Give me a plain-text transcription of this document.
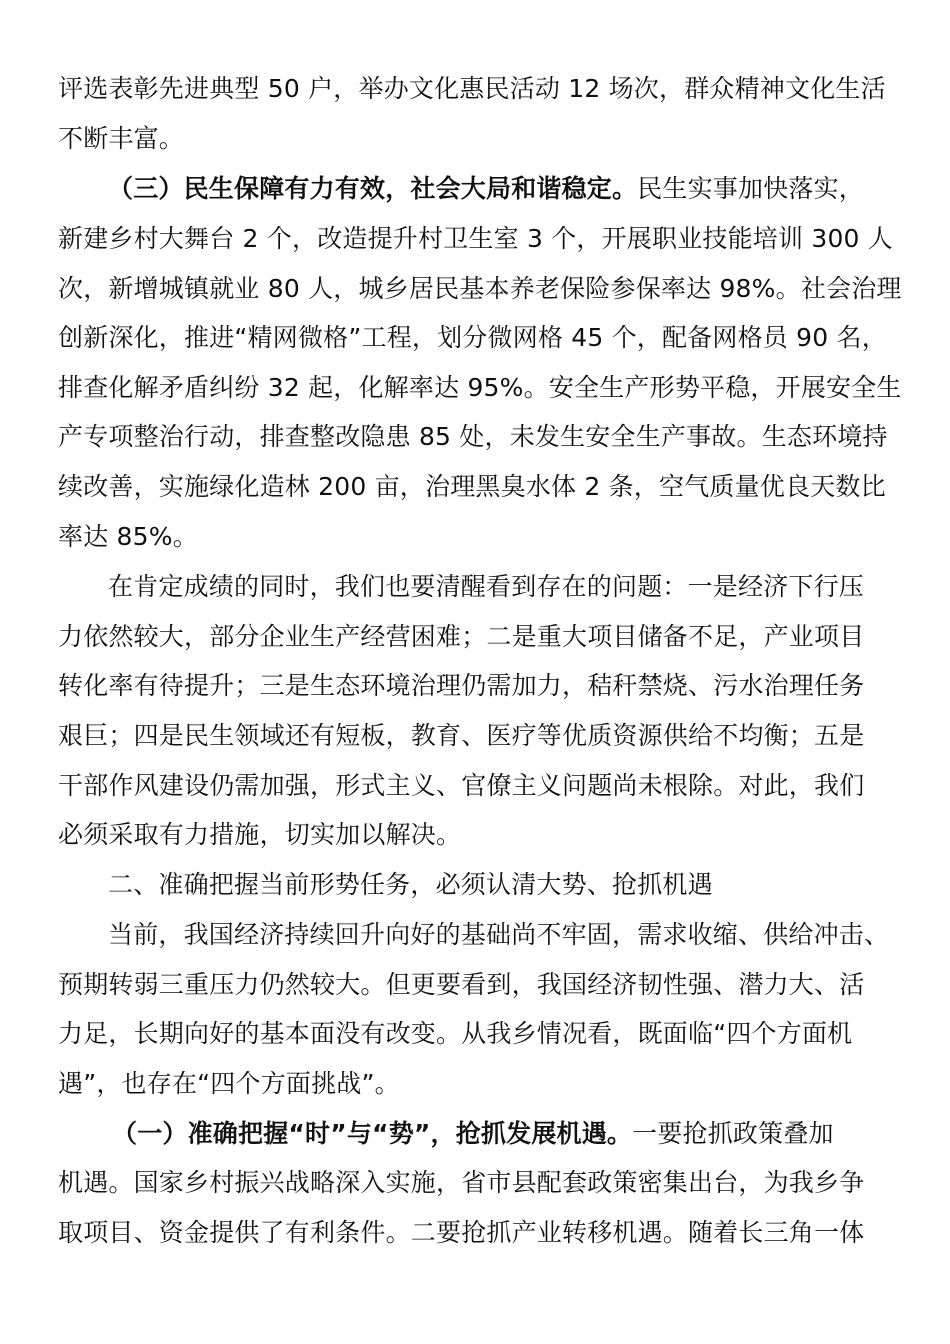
评选表彰先进典型 50 户，举办文化惠民活动 12 场次，群众精神文化生活
不断丰富。
（三）民生保障有力有效，社会大局和谐稳定。民生实事加快落实，
新建乡村大舞台 2 个，改造提升村卫生室 3 个，开展职业技能培训 300 人
次，新增城镇就业 80 人，城乡居民基本养老保险参保率达 98%。社会治理
创新深化，推进“精网微格”工程，划分微网格 45 个，配备网格员 90 名，
排查化解矛盾纠纷 32 起，化解率达 95%。安全生产形势平稳，开展安全生
产专项整治行动，排查整改隐患 85 处，未发生安全生产事故。生态环境持
续改善，实施绿化造林 200 亩，治理黑臭水体 2 条，空气质量优良天数比
率达 85%。
在肯定成绩的同时，我们也要清醒看到存在的问题：一是经济下行压
力依然较大，部分企业生产经营困难；二是重大项目储备不足，产业项目
转化率有待提升；三是生态环境治理仍需加力，秸秆禁烧、污水治理任务
艰巨；四是民生领域还有短板，教育、医疗等优质资源供给不均衡；五是
干部作风建设仍需加强，形式主义、官僚主义问题尚未根除。对此，我们
必须采取有力措施，切实加以解决。
二、准确把握当前形势任务，必须认清大势、抢抓机遇
当前，我国经济持续回升向好的基础尚不牢固，需求收缩、供给冲击、
预期转弱三重压力仍然较大。但更要看到，我国经济韧性强、潜力大、活
力足，长期向好的基本面没有改变。从我乡情况看，既面临“四个方面机
遇”，也存在“四个方面挑战”。
（一）准确把握“时”与“势”，抢抓发展机遇。一要抢抓政策叠加
机遇。国家乡村振兴战略深入实施，省市县配套政策密集出台，为我乡争
取项目、资金提供了有利条件。二要抢抓产业转移机遇。随着长三角一体
